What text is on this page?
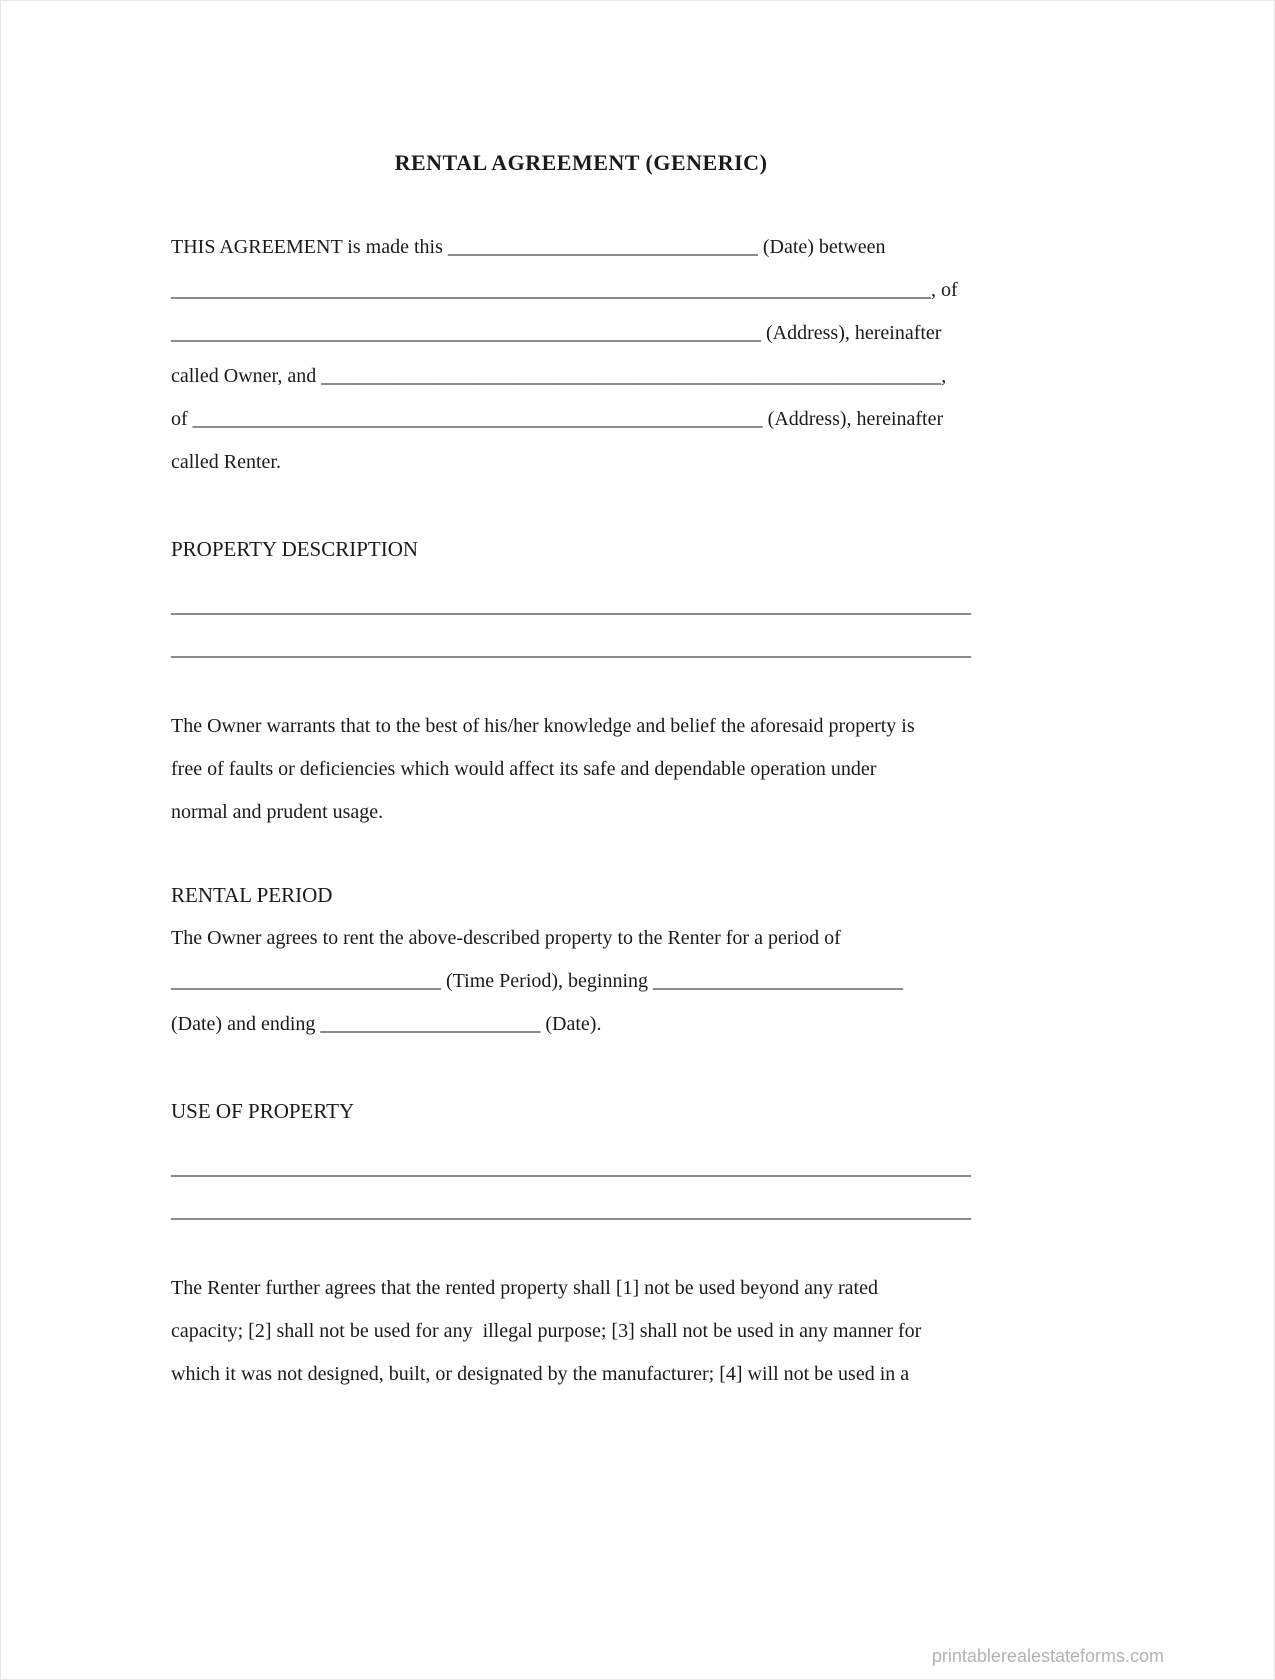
RENTAL AGREEMENT (GENERIC)
THIS AGREEMENT is made this _______________________________ (Date) between
____________________________________________________________________________, of
___________________________________________________________ (Address), hereinafter
called Owner, and ______________________________________________________________,
of _________________________________________________________ (Address), hereinafter
called Renter.
PROPERTY DESCRIPTION
________________________________________________________________________________
________________________________________________________________________________
The Owner warrants that to the best of his/her knowledge and belief the aforesaid property is
free of faults or deficiencies which would affect its safe and dependable operation under
normal and prudent usage.
RENTAL PERIOD
The Owner agrees to rent the above-described property to the Renter for a period of
___________________________ (Time Period), beginning _________________________
(Date) and ending ______________________ (Date).
USE OF PROPERTY
________________________________________________________________________________
________________________________________________________________________________
The Renter further agrees that the rented property shall [1] not be used beyond any rated
capacity; [2] shall not be used for any  illegal purpose; [3] shall not be used in any manner for
which it was not designed, built, or designated by the manufacturer; [4] will not be used in a
printablerealestateforms.com
